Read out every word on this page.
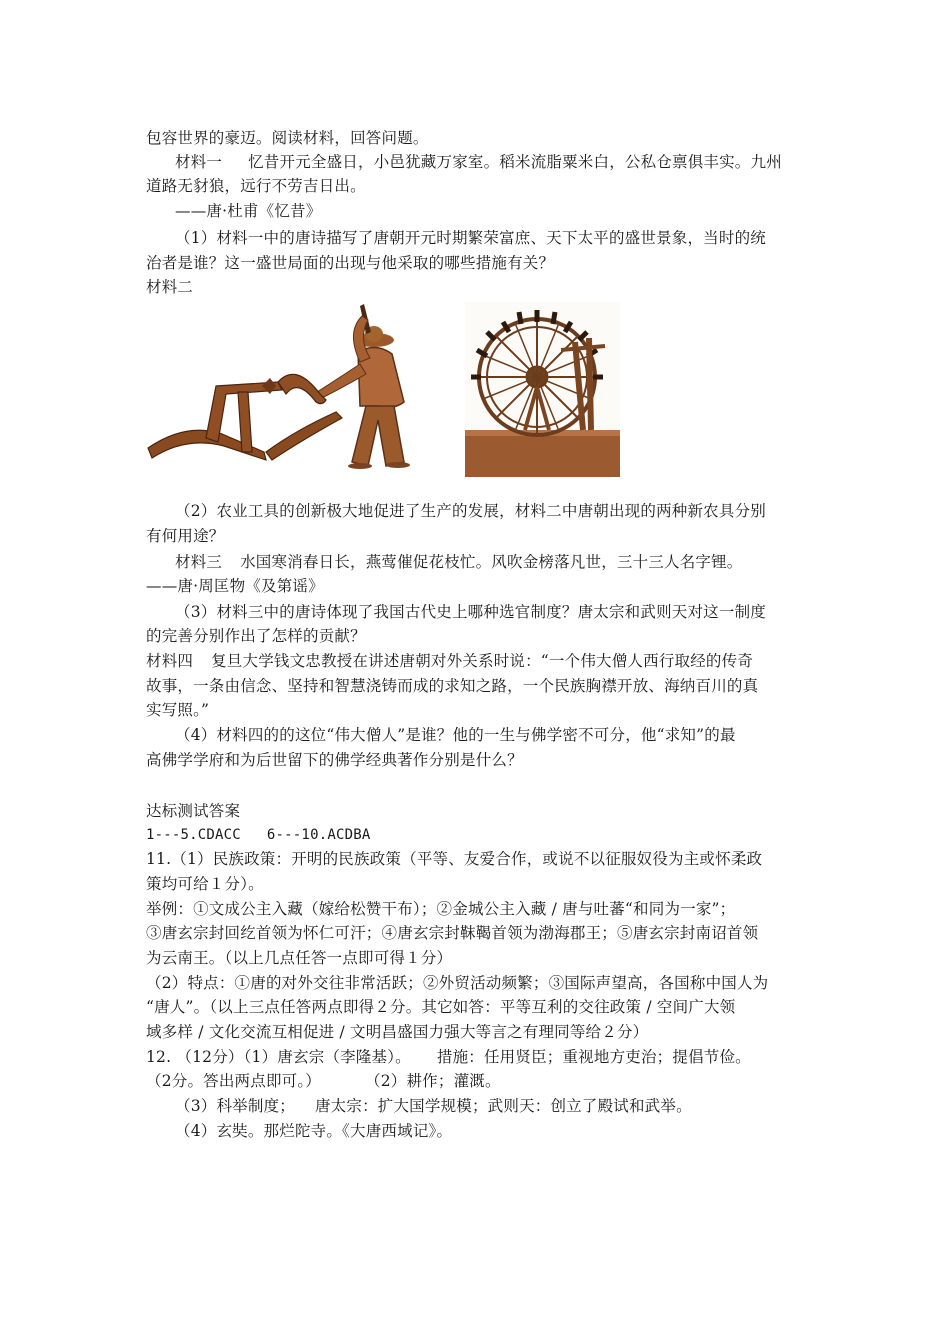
包容世界的豪迈。阅读材料，回答问题。
材料一 忆昔开元全盛日，小邑犹藏万家室。稻米流脂粟米白，公私仓禀俱丰实。九州
道路无豺狼，远行不劳吉日出。
——唐·杜甫《忆昔》
（1）材料一中的唐诗描写了唐朝开元时期繁荣富庶、天下太平的盛世景象，当时的统
治者是谁？这一盛世局面的出现与他采取的哪些措施有关？
材料二
（2）农业工具的创新极大地促进了生产的发展，材料二中唐朝出现的两种新农具分别
有何用途？
材料三 水国寒消春日长，燕莺催促花枝忙。风吹金榜落凡世，三十三人名字锂。
——唐·周匡物《及第谣》
（3）材料三中的唐诗体现了我国古代史上哪种选官制度？唐太宗和武则天对这一制度
的完善分别作出了怎样的贡献？
材料四 复旦大学钱文忠教授在讲述唐朝对外关系时说：“一个伟大僧人西行取经的传奇
故事，一条由信念、坚持和智慧浇铸而成的求知之路，一个民族胸襟开放、海纳百川的真
实写照。”
（4）材料四的的这位“伟大僧人”是谁？他的一生与佛学密不可分，他“求知”的最
高佛学学府和为后世留下的佛学经典著作分别是什么？
达标测试答案
1---5.CDACC 6---10.ACDBA
11.（1）民族政策：开明的民族政策（平等、友爱合作，或说不以征服奴役为主或怀柔政
策均可给１分）。
举例：①文成公主入藏（嫁给松赞干布）；②金城公主入藏 / 唐与吐蕃“和同为一家”；
③唐玄宗封回纥首领为怀仁可汗；④唐玄宗封靺鞨首领为渤海郡王；⑤唐玄宗封南诏首领
为云南王。（以上几点任答一点即可得１分）
（2）特点：①唐的对外交往非常活跃；②外贸活动频繁；③国际声望高，各国称中国人为
“唐人”。（以上三点任答两点即得２分。其它如答：平等互利的交往政策 / 空间广大领
域多样 / 文化交流互相促进 / 文明昌盛国力强大等言之有理同等给２分）
12. （12分）（1）唐玄宗（李隆基）。 措施：任用贤臣；重视地方吏治；提倡节俭。
（2分。答出两点即可。）	（2）耕作；灌溉。
（3）科举制度； 唐太宗：扩大国学规模；武则天：创立了殿试和武举。
（4）玄奘。那烂陀寺。《大唐西域记》。
